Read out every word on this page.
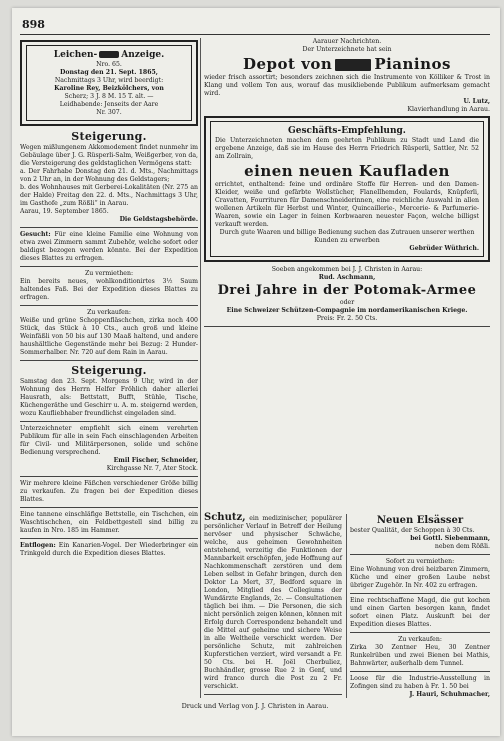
898

Leichen-	Anzeige.

Nro. 65.

Donstag den 21. Sept. 1865,

Nachmittags 3 Uhr, wird beerdigt:

Karoline Rey, Beizkölchers, von

Scherz; 3 J. 8 M. 15 T. alt. —

Leidhabende: Jenseits der Aare

Nr. 307.

Steigerung.

Wegen mißlungenem Akkomodement findet nunmehr im Gebäulage über J. G. Rüsperli-Salm, Weißgerber, von da, die Versteigerung des geldstaglichen Vermögens statt:

a. Der Fahrhabe Donstag den 21. d. Mts., Nachmittags von 2 Uhr an, in der Wohnung des Geldstagers;

b. des Wohnhauses mit Gerberei-Lokalitäten (Nr. 275 an der Halde) Freitag den 22. d. Mts., Nachmittags 3 Uhr, im Gasthofe „zum Rößli“ in Aarau.

Aarau, 19. September 1865.

Die Geldstagsbehörde.

Gesucht: Für eine kleine Familie eine Wohnung von etwa zwei Zimmern sammt Zubehör, welche sofort oder baldigst bezogen werden könnte. Bei der Expedition dieses Blattes zu erfragen.

Zu vermiethen:

Ein bereits neues, wohlkonditionirtes 3½ Saum haltendes Faß. Bei der Expedition dieses Blattes zu erfragen.

Zu verkaufen:

Weiße und grüne Schoppenfläschchen, zirka noch 400 Stück, das Stück à 10 Cts., auch groß und kleine Weinfäßli von 50 bis auf 130 Maaß haltend, und andere haushältliche Gegenstände mehr bei Bezug: 2 Hunder-Sommerhalber. Nr. 720 auf dem Rain in Aarau.

Steigerung.

Samstag den 23. Sept. Morgens 9 Uhr, wird in der Wohnung des Herrn Helfer Fröhlich daher allerlei Hausrath, als: Bettstatt, Bufft, Stühle, Tische, Küchengeräthe und Geschirr u. A. m. steigernd werden, wozu Kaufliebhaber freundlichst eingeladen sind.

Unterzeichneter empfiehlt sich einem verehrten Publikum für alle in sein Fach einschlagenden Arbeiten für Civil- und Militärpersonen, solide und schöne Bedienung versprechend.

Emil Fischer, Schneider,

Kirchgasse Nr. 7, Ater Stock.

Wir mehrere kleine Fäßchen verschiedener Größe billig zu verkaufen. Zu fragen bei der Expedition dieses Blattes.

Eine tannene einschläfige Bettstelle, ein Tischchen, ein Waschtischchen, ein Feldbettgestell sind billig zu kaufen in Nro. 185 im Hammer.

Entflogen: Ein Kanarien-Vogel. Der Wiederbringer ein Trinkgeld durch die Expedition dieses Blattes.

Aarauer Nachrichten.

Der Unterzeichnete hat sein

Depot von	Pianinos

wieder frisch assortirt; besonders zeichnen sich die Instrumente von Kölliker & Trost in Klang und vollem Ton aus, worauf das musikliebende Publikum aufmerksam gemacht wird.

U. Lutz,

Klavierhandlung in Aarau.

Geschäfts-Empfehlung.

Die Unterzeichneten machen dem geehrten Publikum zu Stadt und Land die ergebene Anzeige, daß sie im Hause des Herrn Friedrich Rüsperli, Sattler, Nr. 52 am Zollrain,

einen neuen Kaufladen

errichtet, enthaltend: feine und ordinäre Stoffe für Herren- und den Damen-Kleider, weiße und gefärbte Wollstücher, Flanellhemden, Foulards, Knüpferli, Cravatten, Fourrituren für Damenschneiderinnen, eine reichliche Auswahl in allen wollenen Artikeln für Herbst und Winter, Quincaillerie-, Mercerie- & Parfumerie-Waaren, sowie ein Lager in feinen Korbwaaren neuester Façon, welche billigst verkauft werden.

Durch gute Waaren und billige Bedienung suchen das Zutrauen unserer werthen Kunden zu erwerben

Gebrüder Wüthrich.

Soeben angekommen bei J. J. Christen in Aarau:

Rud. Aschmann,

Drei Jahre in der Potomak-Armee

oder

Eine Schweizer Schützen-Compagnie im nordamerikanischen Kriege.

Preis: Fr. 2. 50 Cts.

Schutz, ein medizinischer, populärer persönlicher Verlauf in Betreff der Heilung nervöser und physischer Schwäche, welche, aus geheimen Gewohnheiten entstehend, verzeitig die Funktionen der Mannbarkeit erschöpfen, jede Hoffnung auf Nachkommenschaft zerstören und dem Leben selbst in Gefahr bringen, durch den Doktor La Mert, 37, Bedford square in London, Mitglied des Collegiums der Wundärzte Englands, 2c. — Consultationen täglich bei ihm. — Die Personen, die sich nicht persönlich zeigen können, können mit Erfolg durch Correspondenz behandelt und die Mittel auf geheime und sichere Weise in alle Weltheile verschickt werden. Der persönliche Schutz, mit zahlreichen Kupferstichen verziert, wird versandt a Fr. 50 Cts. bei H. Joël Cherbuliez, Buchhändler, grosse Rue 2 in Genf, und wird franco durch die Post zu 2 Fr. verschickt.

Neuen Elsässer

bester Qualität, der Schoppen à 30 Cts.

bei Gottl. Siebenmann,

neben dem Rößli.

Sofort zu vermiethen:

Eine Wohnung von drei heizbaren Zimmern, Küche und einer großen Laube nebst übriger Zugehör. In Nr. 402 zu erfragen.

Eine rechtschaffene Magd, die gut kochen und einen Garten besorgen kann, findet sofort einen Platz. Auskunft bei der Expedition dieses Blattes.

Zu verkaufen:

Zirka 30 Zentner Heu, 30 Zentner Runkelrüben und zwei Bienen bei Mathis, Bahnwärter, außerhalb dem Tunnel.

Loose für die Industrie-Ausstellung in Zofingen sind zu haben à Fr. 1. 50 bei

J. Hauri, Schuhmacher,

Druck und Verlag von J. J. Christen in Aarau.
